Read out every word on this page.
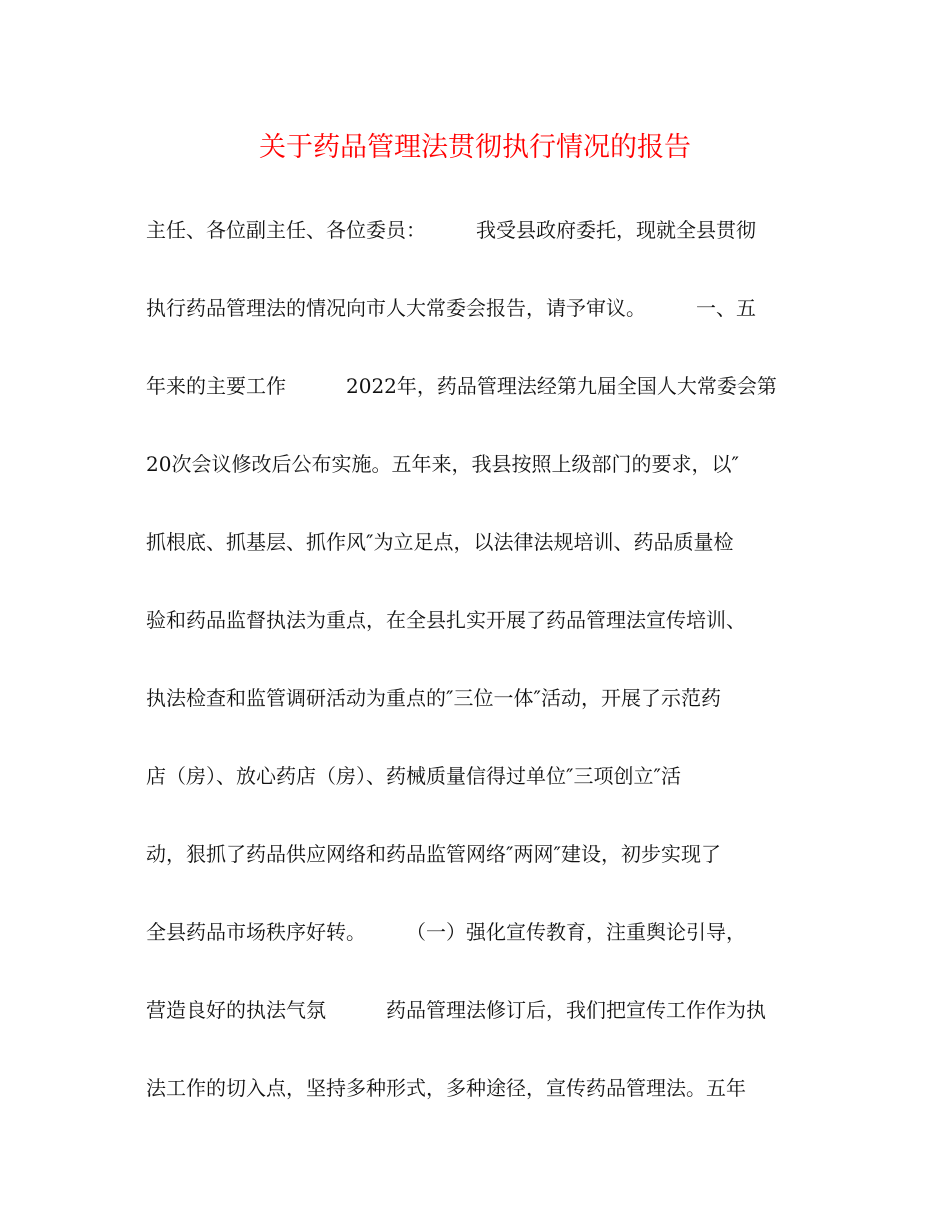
关于药品管理法贯彻执行情况的报告
主任、各位副主任、各位委员：　　　我受县政府委托，现就全县贯彻
执行药品管理法的情况向市人大常委会报告，请予审议。　　　一、五
年来的主要工作　　　2022年，药品管理法经第九届全国人大常委会第
20次会议修改后公布实施。五年来，我县按照上级部门的要求，以″
抓根底、抓基层、抓作风″为立足点，以法律法规培训、药品质量检
验和药品监督执法为重点，在全县扎实开展了药品管理法宣传培训、
执法检查和监管调研活动为重点的″三位一体″活动，开展了示范药
店（房）、放心药店（房）、药械质量信得过单位″三项创立″活
动，狠抓了药品供应网络和药品监管网络″两网″建设，初步实现了
全县药品市场秩序好转。　　　（一）强化宣传教育，注重舆论引导，
营造良好的执法气氛　　　药品管理法修订后，我们把宣传工作作为执
法工作的切入点，坚持多种形式，多种途径，宣传药品管理法。五年
